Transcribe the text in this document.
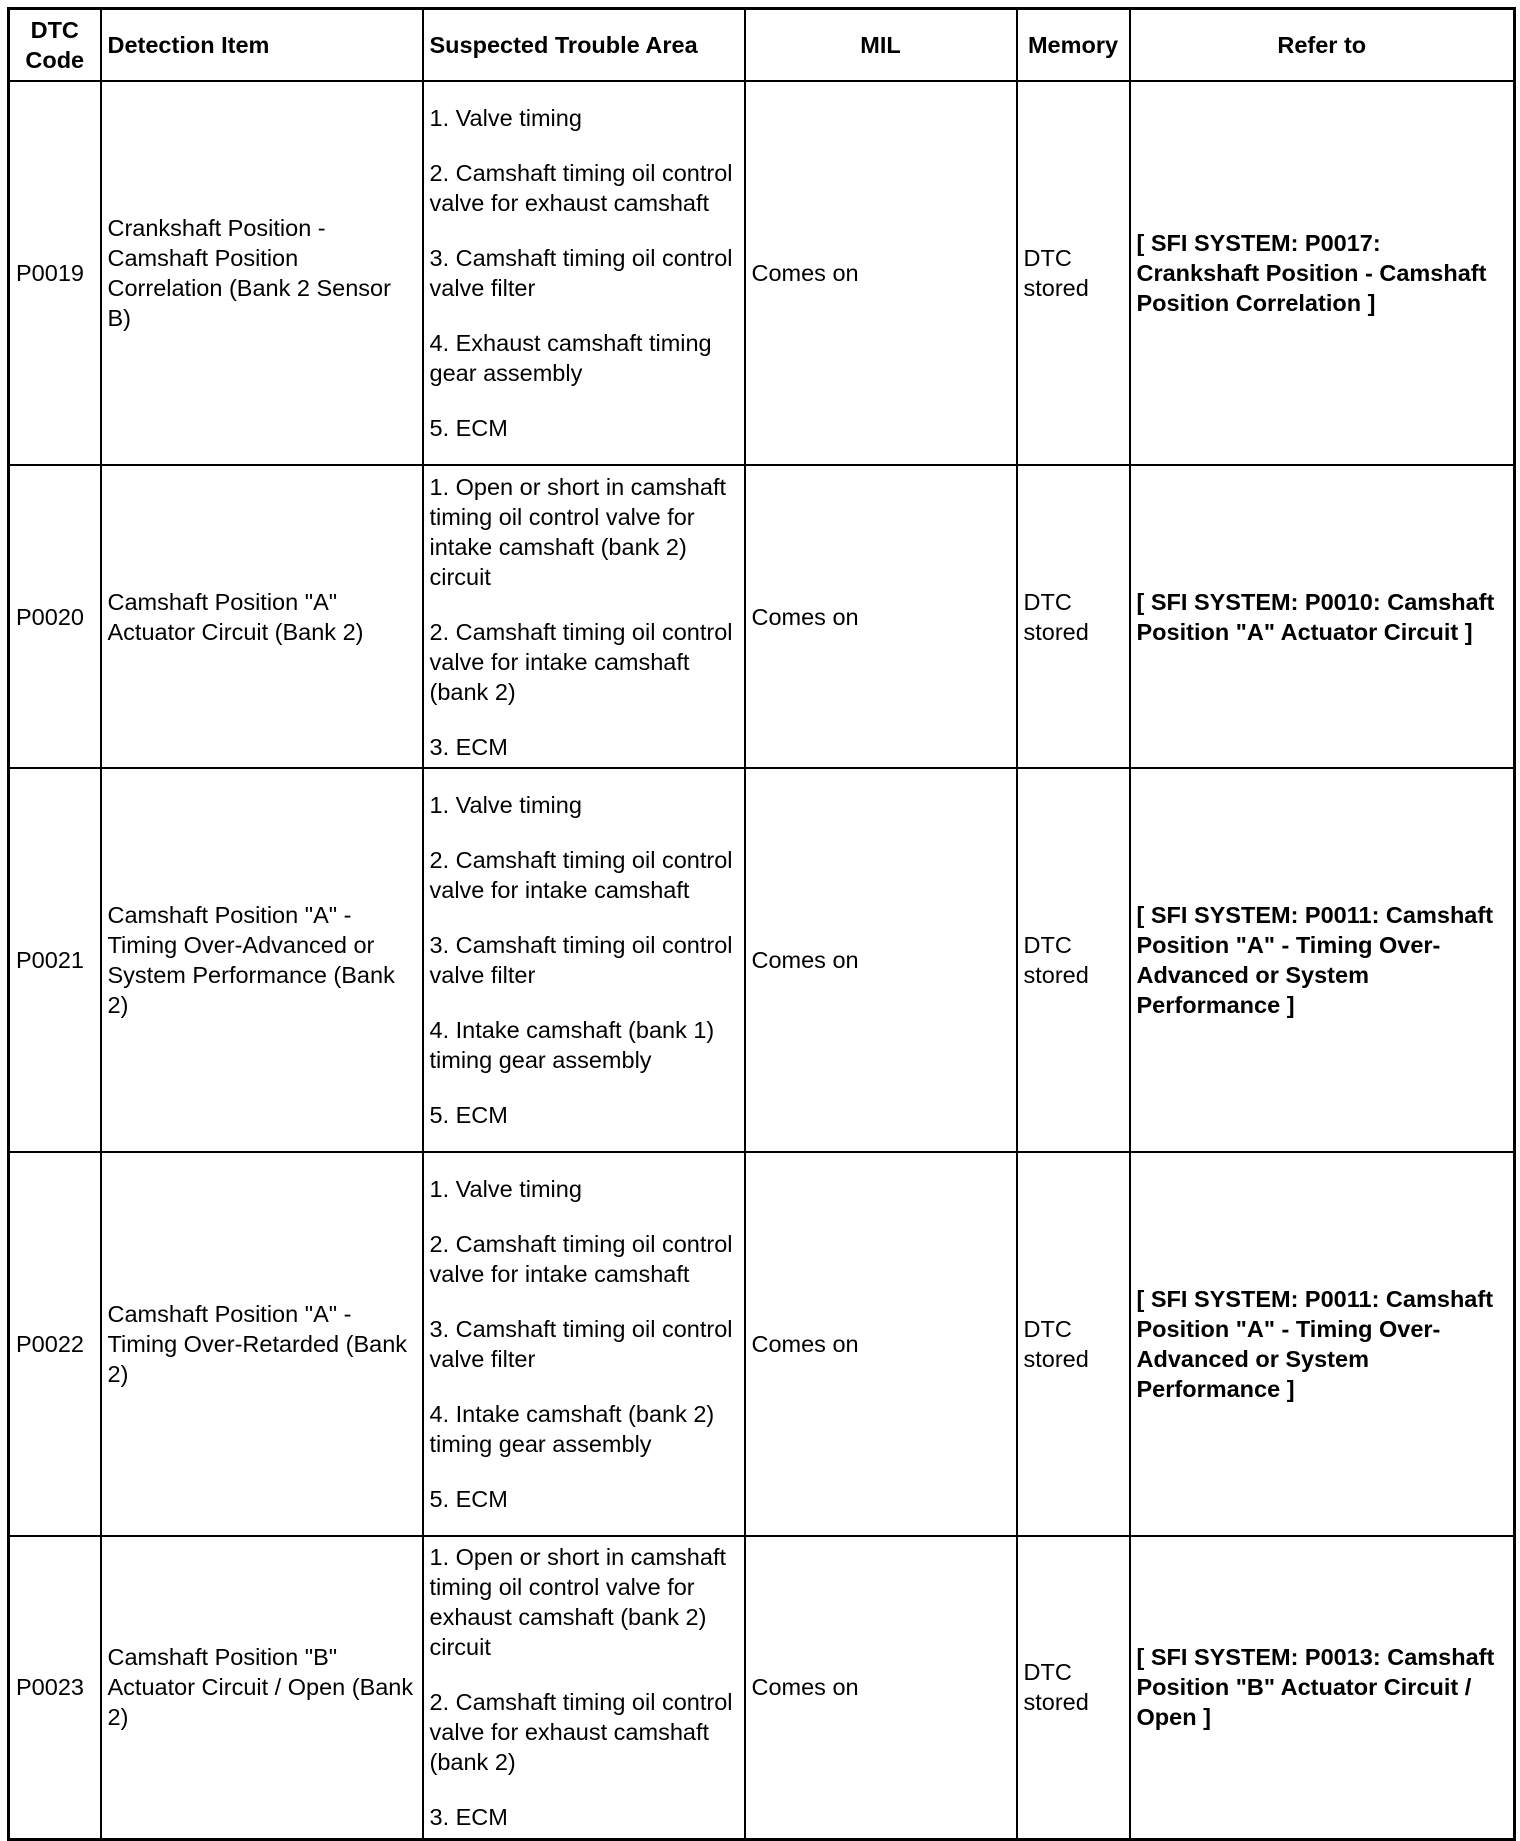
DTC Code	Detection Item	Suspected Trouble Area	MIL	Memory	Refer to
P0019	Crankshaft Position - Camshaft Position Correlation (Bank 2 Sensor B)	1. Valve timing

2. Camshaft timing oil control valve for exhaust camshaft

3. Camshaft timing oil control valve filter

4. Exhaust camshaft timing gear assembly

5. ECM	Comes on	DTC stored	[ SFI SYSTEM: P0017: Crankshaft Position - Camshaft Position Correlation ]
P0020	Camshaft Position "A" Actuator Circuit (Bank 2)	1. Open or short in camshaft timing oil control valve for intake camshaft (bank 2) circuit

2. Camshaft timing oil control valve for intake camshaft (bank 2)

3. ECM	Comes on	DTC stored	[ SFI SYSTEM: P0010: Camshaft Position "A" Actuator Circuit ]
P0021	Camshaft Position "A" - Timing Over-Advanced or System Performance (Bank 2)	1. Valve timing

2. Camshaft timing oil control valve for intake camshaft

3. Camshaft timing oil control valve filter

4. Intake camshaft (bank 1) timing gear assembly

5. ECM	Comes on	DTC stored	[ SFI SYSTEM: P0011: Camshaft Position "A" - Timing Over-Advanced or System Performance ]
P0022	Camshaft Position "A" - Timing Over-Retarded (Bank 2)	1. Valve timing

2. Camshaft timing oil control valve for intake camshaft

3. Camshaft timing oil control valve filter

4. Intake camshaft (bank 2) timing gear assembly

5. ECM	Comes on	DTC stored	[ SFI SYSTEM: P0011: Camshaft Position "A" - Timing Over-Advanced or System Performance ]
P0023	Camshaft Position "B" Actuator Circuit / Open (Bank 2)	1. Open or short in camshaft timing oil control valve for exhaust camshaft (bank 2) circuit

2. Camshaft timing oil control valve for exhaust camshaft (bank 2)

3. ECM	Comes on	DTC stored	[ SFI SYSTEM: P0013: Camshaft Position "B" Actuator Circuit / Open ]
